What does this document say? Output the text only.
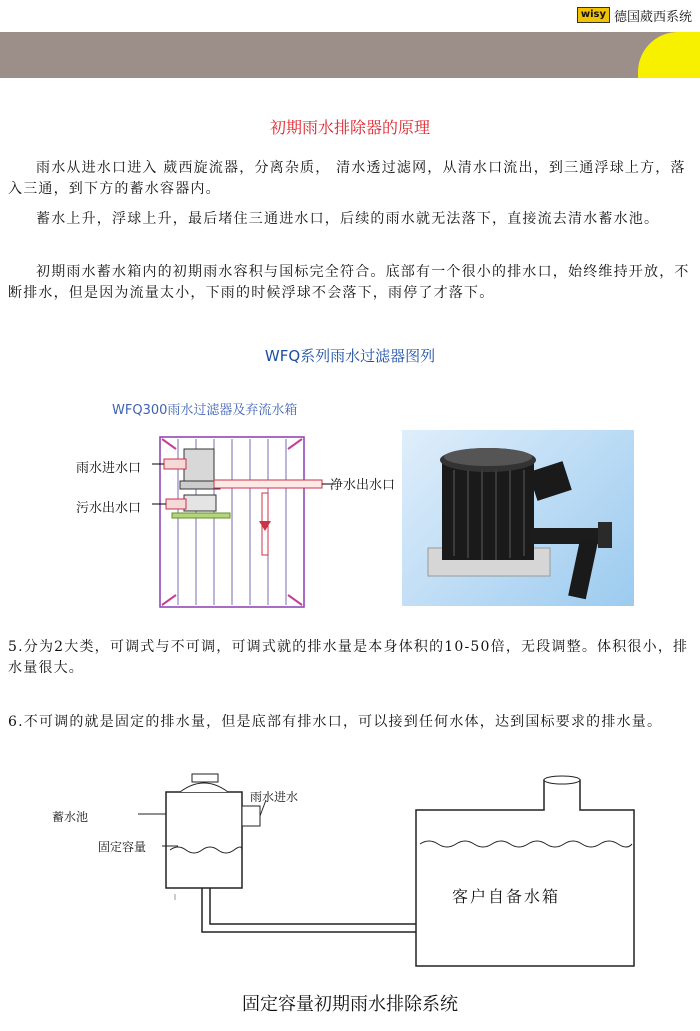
wisy 德国葳西系统
初期雨水排除器的原理
雨水从进水口进入 葳西旋流器，分离杂质， 清水透过滤网，从清水口流出，到三通浮球上方，落入三通，到下方的蓄水容器内。
蓄水上升，浮球上升，最后堵住三通进水口，后续的雨水就无法落下，直接流去清水蓄水池。
初期雨水蓄水箱内的初期雨水容积与国标完全符合。底部有一个很小的排水口，始终维持开放，不断排水，但是因为流量太小，下雨的时候浮球不会落下，雨停了才落下。
WFQ系列雨水过滤器图列
WFQ300雨水过滤器及弃流水箱
雨水进水口
污水出水口
净水出水口
5.分为2大类，可调式与不可调，可调式就的排水量是本身体积的10-50倍，无段调整。体积很小，排水量很大。
6.不可调的就是固定的排水量，但是底部有排水口，可以接到任何水体，达到国标要求的排水量。
蓄水池
固定容量
雨水进水
客户自备水箱
固定容量初期雨水排除系统
